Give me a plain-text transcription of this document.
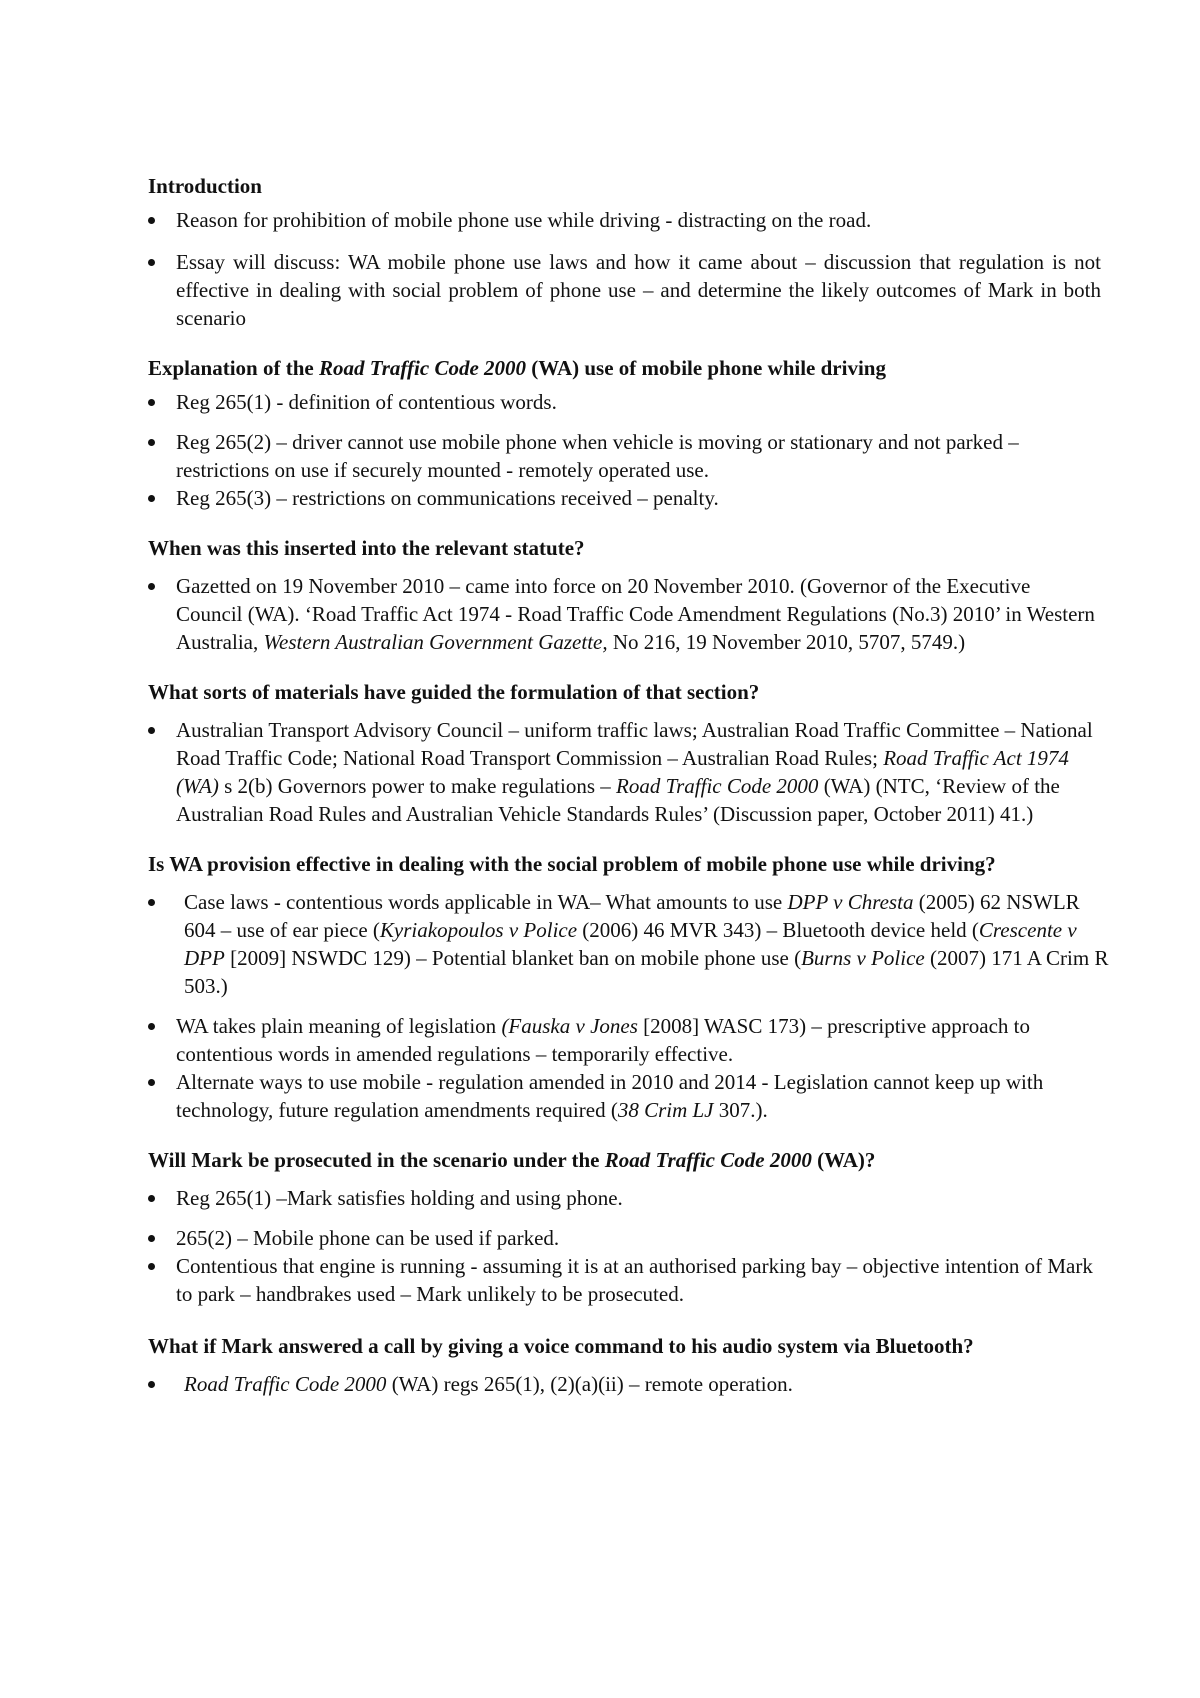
Introduction
Reason for prohibition of mobile phone use while driving - distracting on the road.
Essay will discuss: WA mobile phone use laws and how it came about – discussion that regulation is not effective in dealing with social problem of phone use – and determine the likely outcomes of Mark in both scenario
Explanation of the Road Traffic Code 2000 (WA) use of mobile phone while driving
Reg 265(1) - definition of contentious words.
Reg 265(2) – driver cannot use mobile phone when vehicle is moving or stationary and not parked – restrictions on use if securely mounted - remotely operated use.
Reg 265(3) – restrictions on communications received – penalty.
When was this inserted into the relevant statute?
Gazetted on 19 November 2010 – came into force on 20 November 2010. (Governor of the Executive Council (WA). ‘Road Traffic Act 1974 - Road Traffic Code Amendment Regulations (No.3) 2010’ in Western Australia, Western Australian Government Gazette, No 216, 19 November 2010, 5707, 5749.)
What sorts of materials have guided the formulation of that section?
Australian Transport Advisory Council – uniform traffic laws; Australian Road Traffic Committee – National Road Traffic Code; National Road Transport Commission – Australian Road Rules; Road Traffic Act 1974 (WA) s 2(b) Governors power to make regulations – Road Traffic Code 2000 (WA) (NTC, ‘Review of the Australian Road Rules and Australian Vehicle Standards Rules’ (Discussion paper, October 2011) 41.)
Is WA provision effective in dealing with the social problem of mobile phone use while driving?
Case laws - contentious words applicable in WA– What amounts to use DPP v Chresta (2005) 62 NSWLR 604 – use of ear piece (Kyriakopoulos v Police (2006) 46 MVR 343) – Bluetooth device held (Crescente v DPP [2009] NSWDC 129) – Potential blanket ban on mobile phone use (Burns v Police (2007) 171 A Crim R 503.)
WA takes plain meaning of legislation (Fauska v Jones [2008] WASC 173) – prescriptive approach to contentious words in amended regulations – temporarily effective.
Alternate ways to use mobile - regulation amended in 2010 and 2014 - Legislation cannot keep up with technology, future regulation amendments required (38 Crim LJ 307.).
Will Mark be prosecuted in the scenario under the Road Traffic Code 2000 (WA)?
Reg 265(1) –Mark satisfies holding and using phone.
265(2) – Mobile phone can be used if parked.
Contentious that engine is running - assuming it is at an authorised parking bay – objective intention of Mark to park – handbrakes used – Mark unlikely to be prosecuted.
What if Mark answered a call by giving a voice command to his audio system via Bluetooth?
Road Traffic Code 2000 (WA) regs 265(1), (2)(a)(ii) – remote operation.
